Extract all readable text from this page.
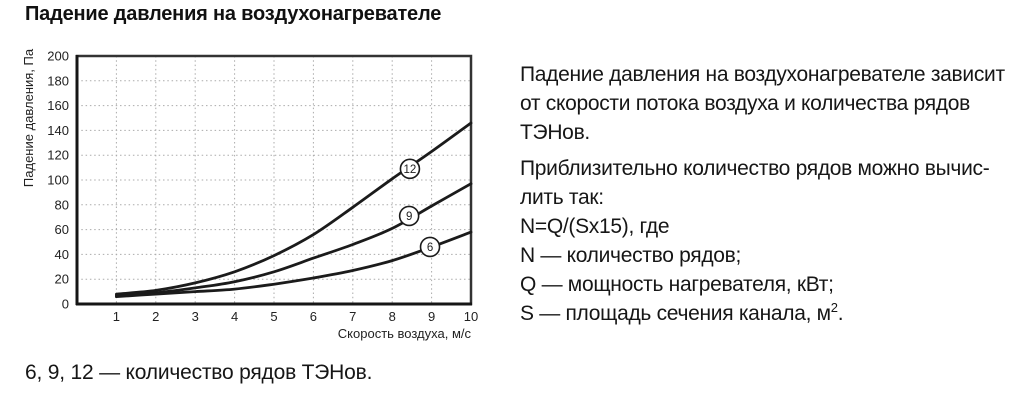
Падение давления на воздухонагревателе
0
20
40
60
80
100
120
140
160
180
200
1 2 3 4 5 6 7 8 9 10
Скорость воздуха, м/с
Падение давления, Па	12
9
6
Падение давления на воздухонагревателе зависит
от скорости потока воздуха и количества рядов
ТЭНов.
Приблизительно количество рядов можно вычис-
лить так:
N=Q/(Sx15), где
N — количество рядов;
Q — мощность нагревателя, кВт;
S — площадь сечения канала, $м^2$.
6, 9, 12 — количество рядов ТЭНов.
